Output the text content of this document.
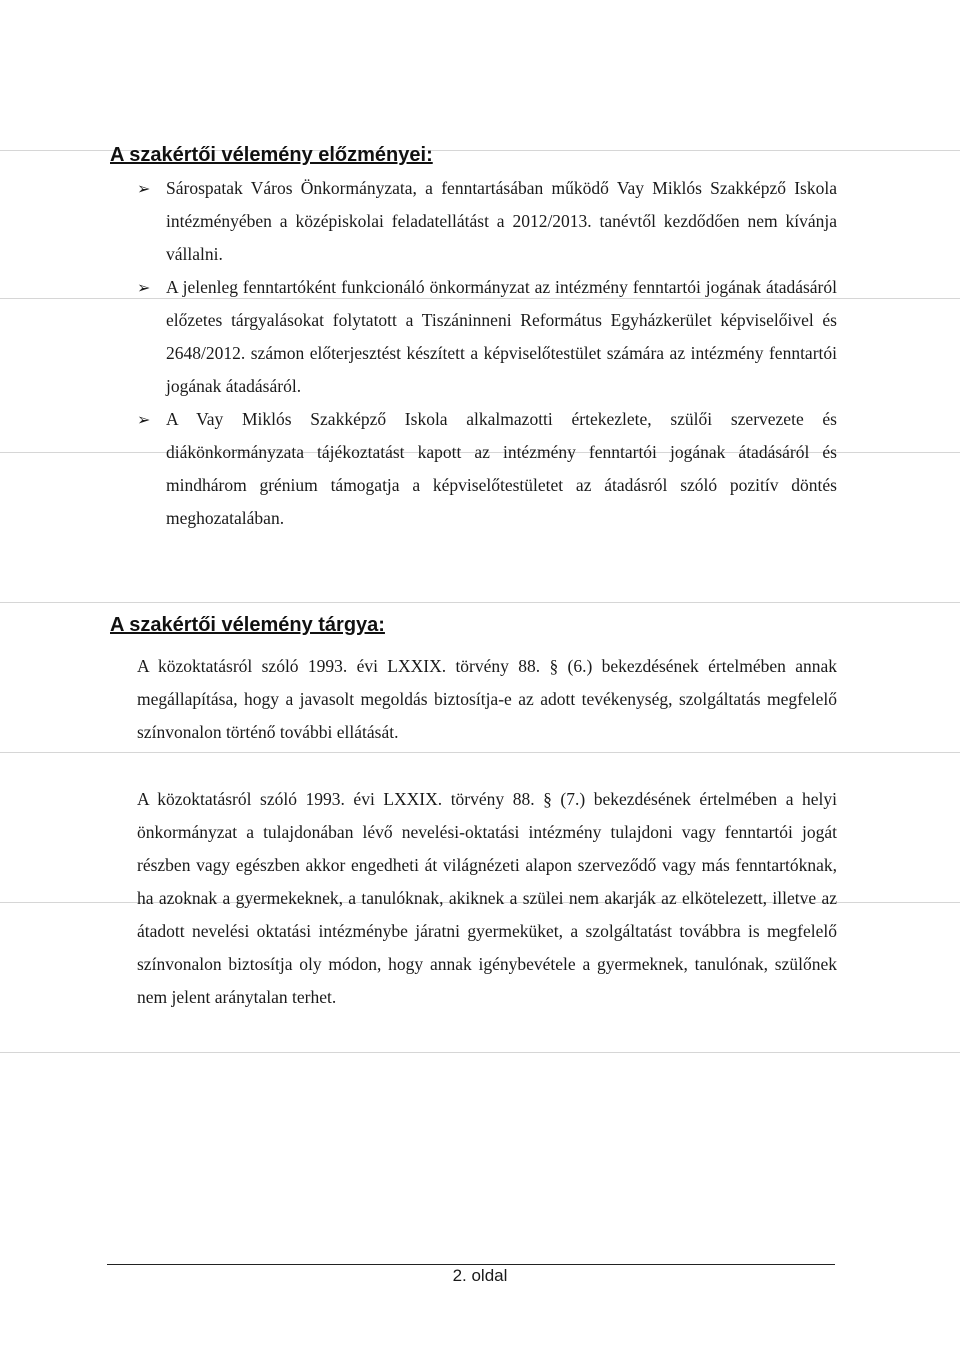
A szakértői vélemény előzményei:
➢ Sárospatak Város Önkormányzata, a fenntartásában működő Vay Miklós Szakképző Iskola intézményében a középiskolai feladatellátást a 2012/2013. tanévtől kezdődően nem kívánja vállalni.
➢ A jelenleg fenntartóként funkcionáló önkormányzat az intézmény fenntartói jogának átadásáról előzetes tárgyalásokat folytatott a Tiszáninneni Református Egyházkerület képviselőivel és 2648/2012. számon előterjesztést készített a képviselőtestület számára az intézmény fenntartói jogának átadásáról.
➢ A Vay Miklós Szakképző Iskola alkalmazotti értekezlete, szülői szervezete és diákönkormányzata tájékoztatást kapott az intézmény fenntartói jogának átadásáról és mindhárom grénium támogatja a képviselőtestületet az átadásról szóló pozitív döntés meghozatalában.
A szakértői vélemény tárgya:

A közoktatásról szóló 1993. évi LXXIX. törvény 88. § (6.) bekezdésének értelmében annak megállapítása, hogy a javasolt megoldás biztosítja-e az adott tevékenység, szolgáltatás megfelelő színvonalon történő további ellátását.

A közoktatásról szóló 1993. évi LXXIX. törvény 88. § (7.) bekezdésének értelmében a helyi önkormányzat a tulajdonában lévő nevelési-oktatási intézmény tulajdoni vagy fenntartói jogát részben vagy egészben akkor engedheti át világnézeti alapon szerveződő vagy más fenntartóknak, ha azoknak a gyermekeknek, a tanulóknak, akiknek a szülei nem akarják az elkötelezett, illetve az átadott nevelési oktatási intézménybe járatni gyermeküket, a szolgáltatást továbbra is megfelelő színvonalon biztosítja oly módon, hogy annak igénybevétele a gyermeknek, tanulónak, szülőnek nem jelent aránytalan terhet.

2. oldal
